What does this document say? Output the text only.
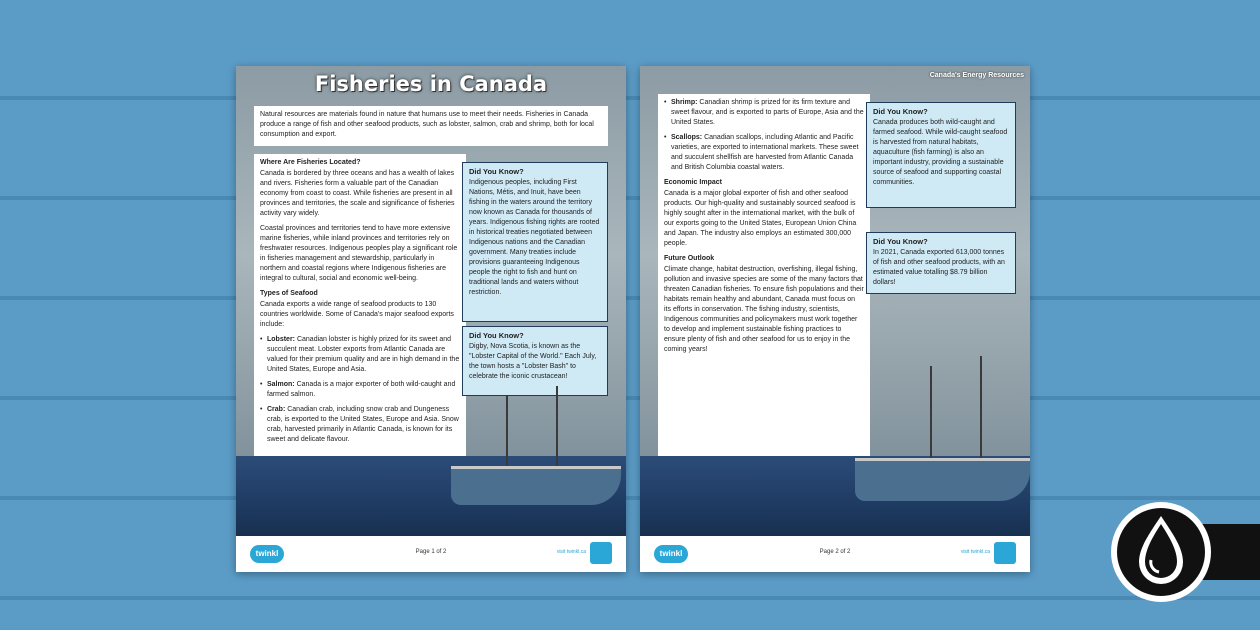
Fisheries in Canada
Natural resources are materials found in nature that humans use to meet their needs. Fisheries in Canada produce a range of fish and other seafood products, such as lobster, salmon, crab and shrimp, both for local consumption and export.
Where Are Fisheries Located?

Canada is bordered by three oceans and has a wealth of lakes and rivers. Fisheries form a valuable part of the Canadian economy from coast to coast. While fisheries are present in all provinces and territories, the scale and significance of fisheries activity vary widely.

Coastal provinces and territories tend to have more extensive marine fisheries, while inland provinces and territories rely on freshwater resources. Indigenous peoples play a significant role in fisheries management and stewardship, particularly in northern and coastal regions where Indigenous fisheries are integral to cultural, social and economic well-being.

Types of Seafood

Canada exports a wide range of seafood products to 130 countries worldwide. Some of Canada's major seafood exports include:

• Lobster: Canadian lobster is highly prized for its sweet and succulent meat. Lobster exports from Atlantic Canada are valued for their premium quality and are in high demand in the United States, Europe and Asia.
• Salmon: Canada is a major exporter of both wild-caught and farmed salmon.
• Crab: Canadian crab, including snow crab and Dungeness crab, is exported to the United States, Europe and Asia. Snow crab, harvested primarily in Atlantic Canada, is known for its sweet and delicate flavour.
Did You Know?
Indigenous peoples, including First Nations, Métis, and Inuit, have been fishing in the waters around the territory now known as Canada for thousands of years. Indigenous fishing rights are rooted in historical treaties negotiated between Indigenous nations and the Canadian government. Many treaties include provisions guaranteeing Indigenous people the right to fish and hunt on traditional lands and waters without restriction.
Did You Know?
Digby, Nova Scotia, is known as the "Lobster Capital of the World." Each July, the town hosts a "Lobster Bash" to celebrate the iconic crustacean!
twinkl	Page 1 of 2	visit twinkl.ca
Canada's Energy Resources
• Shrimp: Canadian shrimp is prized for its firm texture and sweet flavour, and is exported to parts of Europe, Asia and the United States.
• Scallops: Canadian scallops, including Atlantic and Pacific varieties, are exported to international markets. These sweet and succulent shellfish are harvested from Atlantic Canada and British Columbia coastal waters.
Economic Impact

Canada is a major global exporter of fish and other seafood products. Our high-quality and sustainably sourced seafood is highly sought after in the international market, with the bulk of our exports going to the United States, European Union China and Japan. The industry also employs an estimated 300,000 people.

Future Outlook

Climate change, habitat destruction, overfishing, illegal fishing, pollution and invasive species are some of the many factors that threaten Canadian fisheries. To ensure fish populations and their habitats remain healthy and abundant, Canada must focus on its efforts in conservation. The fishing industry, scientists, Indigenous communities and policymakers must work together to develop and implement sustainable fishing practices to ensure plenty of fish and other seafood for us to enjoy in the coming years!

Did You Know?
Canada produces both wild-caught and farmed seafood. While wild-caught seafood is harvested from natural habitats, aquaculture (fish farming) is also an important industry, providing a sustainable source of seafood and supporting coastal communities.
Did You Know?
In 2021, Canada exported 613,000 tonnes of fish and other seafood products, with an estimated value totalling $8.79 billion dollars!
twinkl	Page 2 of 2	visit twinkl.ca
